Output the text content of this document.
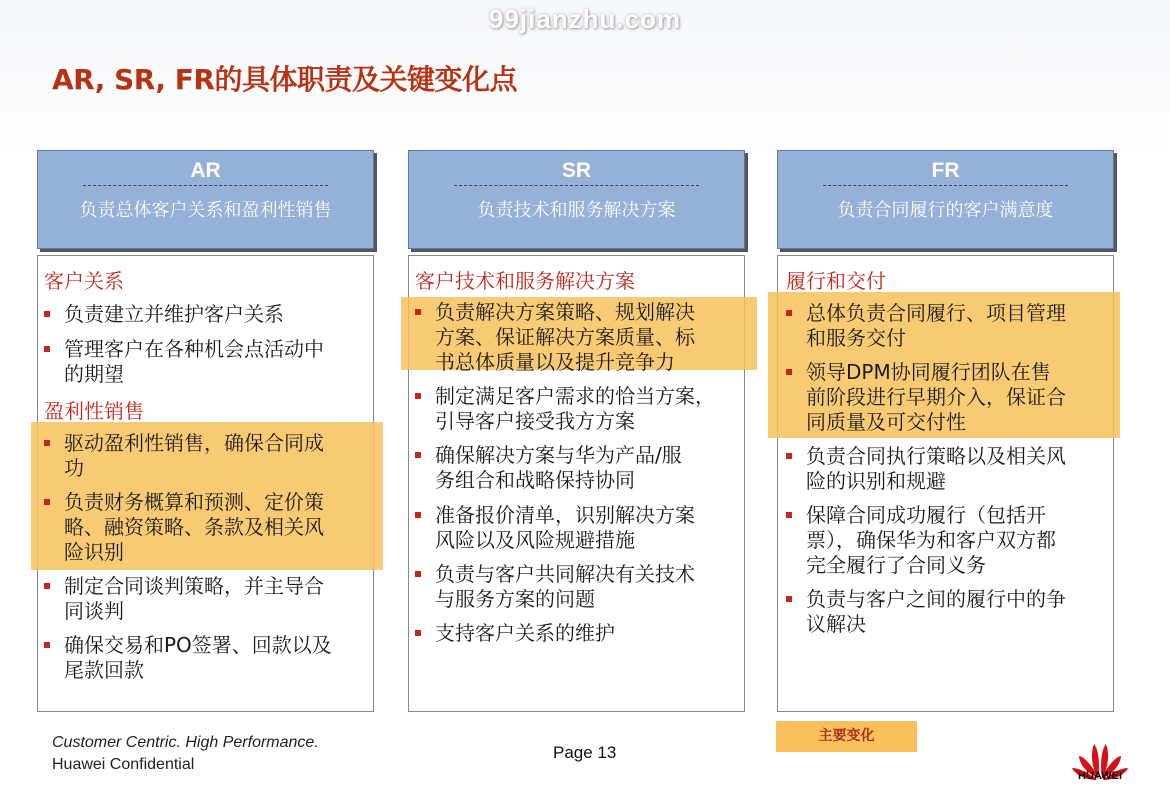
99jianzhu.com
AR, SR, FR的具体职责及关键变化点
AR
负责总体客户关系和盈利性销售
SR
负责技术和服务解决方案
FR
负责合同履行的客户满意度
客户关系
负责建立并维护客户关系
管理客户在各种机会点活动中
的期望
盈利性销售
驱动盈利性销售，确保合同成
功
负责财务概算和预测、定价策
略、融资策略、条款及相关风
险识别
制定合同谈判策略，并主导合
同谈判
确保交易和PO签署、回款以及
尾款回款
客户技术和服务解决方案
负责解决方案策略、规划解决
方案、保证解决方案质量、标
书总体质量以及提升竞争力
制定满足客户需求的恰当方案，
引导客户接受我方方案
确保解决方案与华为产品/服
务组合和战略保持协同
准备报价清单，识别解决方案
风险以及风险规避措施
负责与客户共同解决有关技术
与服务方案的问题
支持客户关系的维护
履行和交付
总体负责合同履行、项目管理
和服务交付
领导DPM协同履行团队在售
前阶段进行早期介入，保证合
同质量及可交付性
负责合同执行策略以及相关风
险的识别和规避
保障合同成功履行（包括开
票），确保华为和客户双方都
完全履行了合同义务
负责与客户之间的履行中的争
议解决
Customer Centric. High Performance.
Huawei Confidential
Page 13
主要变化
HUAWEI
